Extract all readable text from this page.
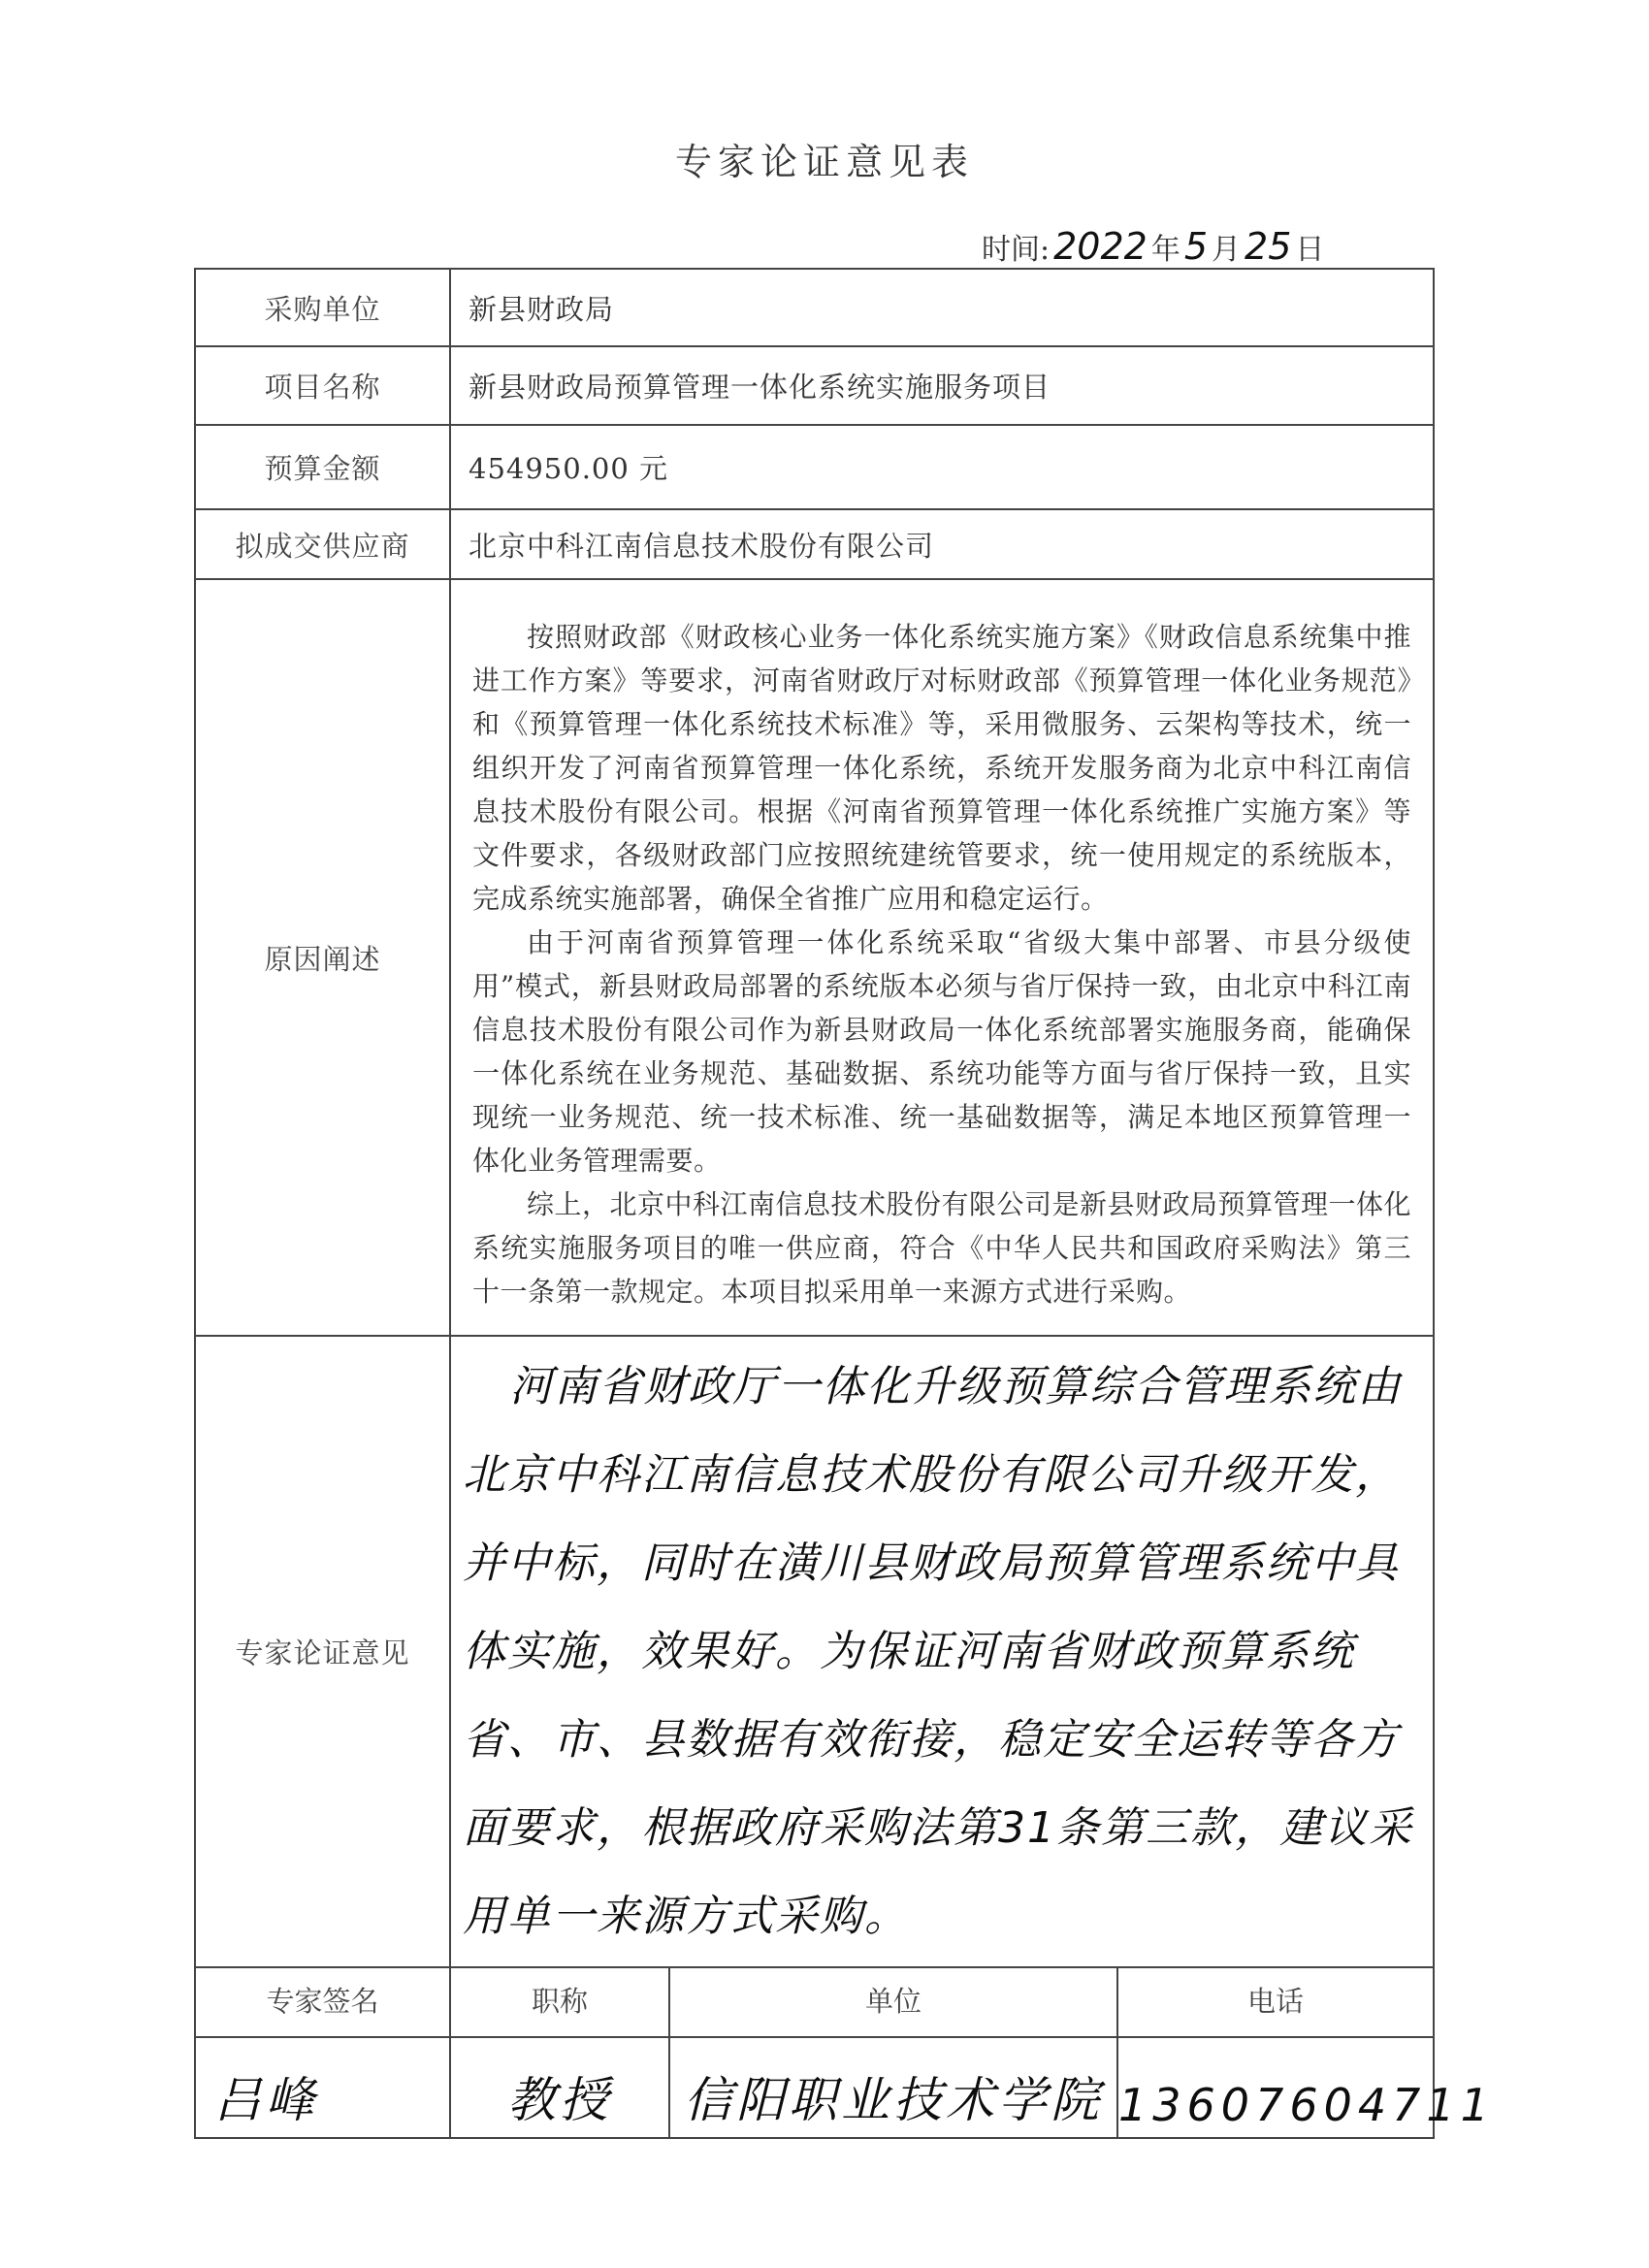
专家论证意见表
时间: 2022 年 5 月 25 日
采购单位	新县财政局		
项目名称	新县财政局预算管理一体化系统实施服务项目		
预算金额	454950.00 元		
拟成交供应商	北京中科江南信息技术股份有限公司		
原因阐述	按照财政部《财政核心业务一体化系统实施方案》《财政信息系统集中推进工作方案》等要求，河南省财政厅对标财政部《预算管理一体化业务规范》和《预算管理一体化系统技术标准》等，采用微服务、云架构等技术，统一组织开发了河南省预算管理一体化系统，系统开发服务商为北京中科江南信息技术股份有限公司。根据《河南省预算管理一体化系统推广实施方案》等文件要求，各级财政部门应按照统建统管要求，统一使用规定的系统版本，完成系统实施部署，确保全省推广应用和稳定运行。

由于河南省预算管理一体化系统采取“省级大集中部署、市县分级使用”模式，新县财政局部署的系统版本必须与省厅保持一致，由北京中科江南信息技术股份有限公司作为新县财政局一体化系统部署实施服务商，能确保一体化系统在业务规范、基础数据、系统功能等方面与省厅保持一致，且实现统一业务规范、统一技术标准、统一基础数据等，满足本地区预算管理一体化业务管理需要。

综上，北京中科江南信息技术股份有限公司是新县财政局预算管理一体化系统实施服务项目的唯一供应商，符合《中华人民共和国政府采购法》第三十一条第一款规定。本项目拟采用单一来源方式进行采购。		

专家论证意见	河南省财政厅一体化升级预算综合管理系统由北京中科江南信息技术股份有限公司升级开发，并中标，同时在潢川县财政局预算管理系统中具体实施，效果好。为保证河南省财政预算系统省、市、县数据有效衔接，稳定安全运转等各方面要求，根据政府采购法第31条第三款，建议采用单一来源方式采购。		

专家签名	职称	单位	电话
吕峰	教授	信阳职业技术学院	13607604711
